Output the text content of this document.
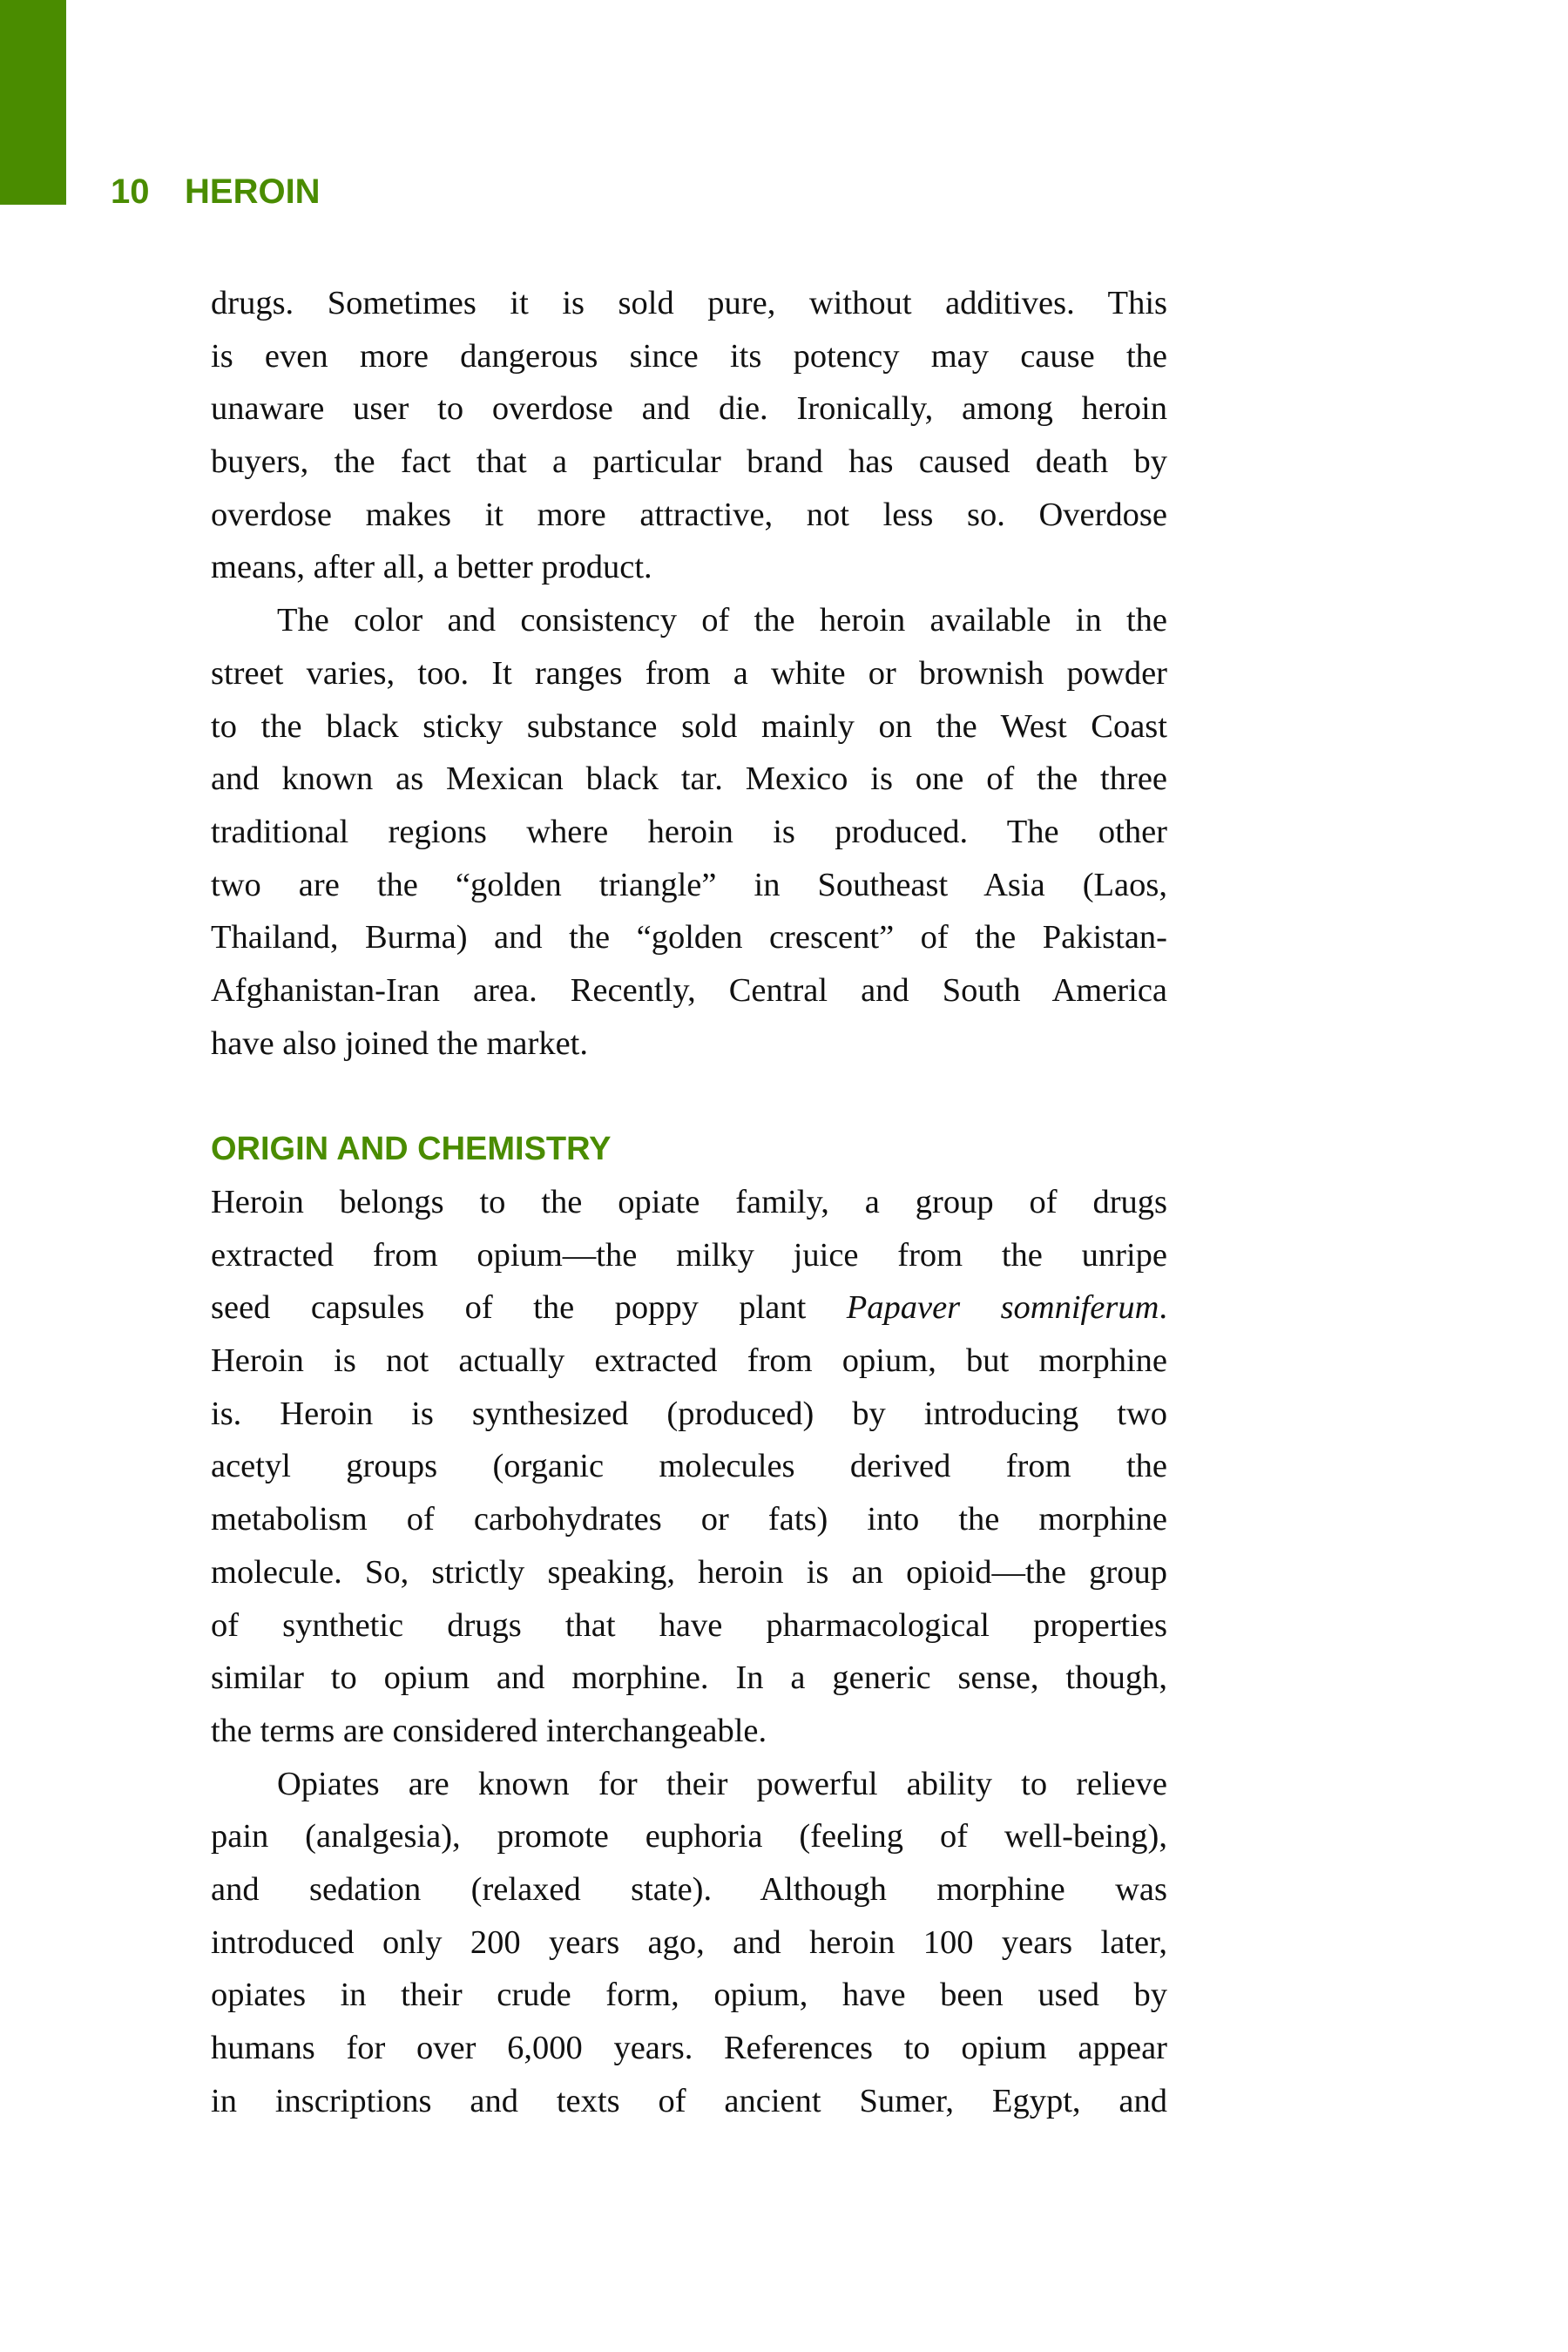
10 HEROIN
drugs. Sometimes it is sold pure, without additives. This
is even more dangerous since its potency may cause the
unaware user to overdose and die. Ironically, among heroin
buyers, the fact that a particular brand has caused death by
overdose makes it more attractive, not less so. Overdose
means, after all, a better product.
The color and consistency of the heroin available in the
street varies, too. It ranges from a white or brownish powder
to the black sticky substance sold mainly on the West Coast
and known as Mexican black tar. Mexico is one of the three
traditional regions where heroin is produced. The other
two are the “golden triangle” in Southeast Asia (Laos,
Thailand, Burma) and the “golden crescent” of the Pakistan-
Afghanistan-Iran area. Recently, Central and South America
have also joined the market.
ORIGIN AND CHEMISTRY
Heroin belongs to the opiate family, a group of drugs
extracted from opium—the milky juice from the unripe
seed capsules of the poppy plant Papaver somniferum.
Heroin is not actually extracted from opium, but morphine
is. Heroin is synthesized (produced) by introducing two
acetyl groups (organic molecules derived from the
metabolism of carbohydrates or fats) into the morphine
molecule. So, strictly speaking, heroin is an opioid—the group
of synthetic drugs that have pharmacological properties
similar to opium and morphine. In a generic sense, though,
the terms are considered interchangeable.
Opiates are known for their powerful ability to relieve
pain (analgesia), promote euphoria (feeling of well-being),
and sedation (relaxed state). Although morphine was
introduced only 200 years ago, and heroin 100 years later,
opiates in their crude form, opium, have been used by
humans for over 6,000 years. References to opium appear
in inscriptions and texts of ancient Sumer, Egypt, and
